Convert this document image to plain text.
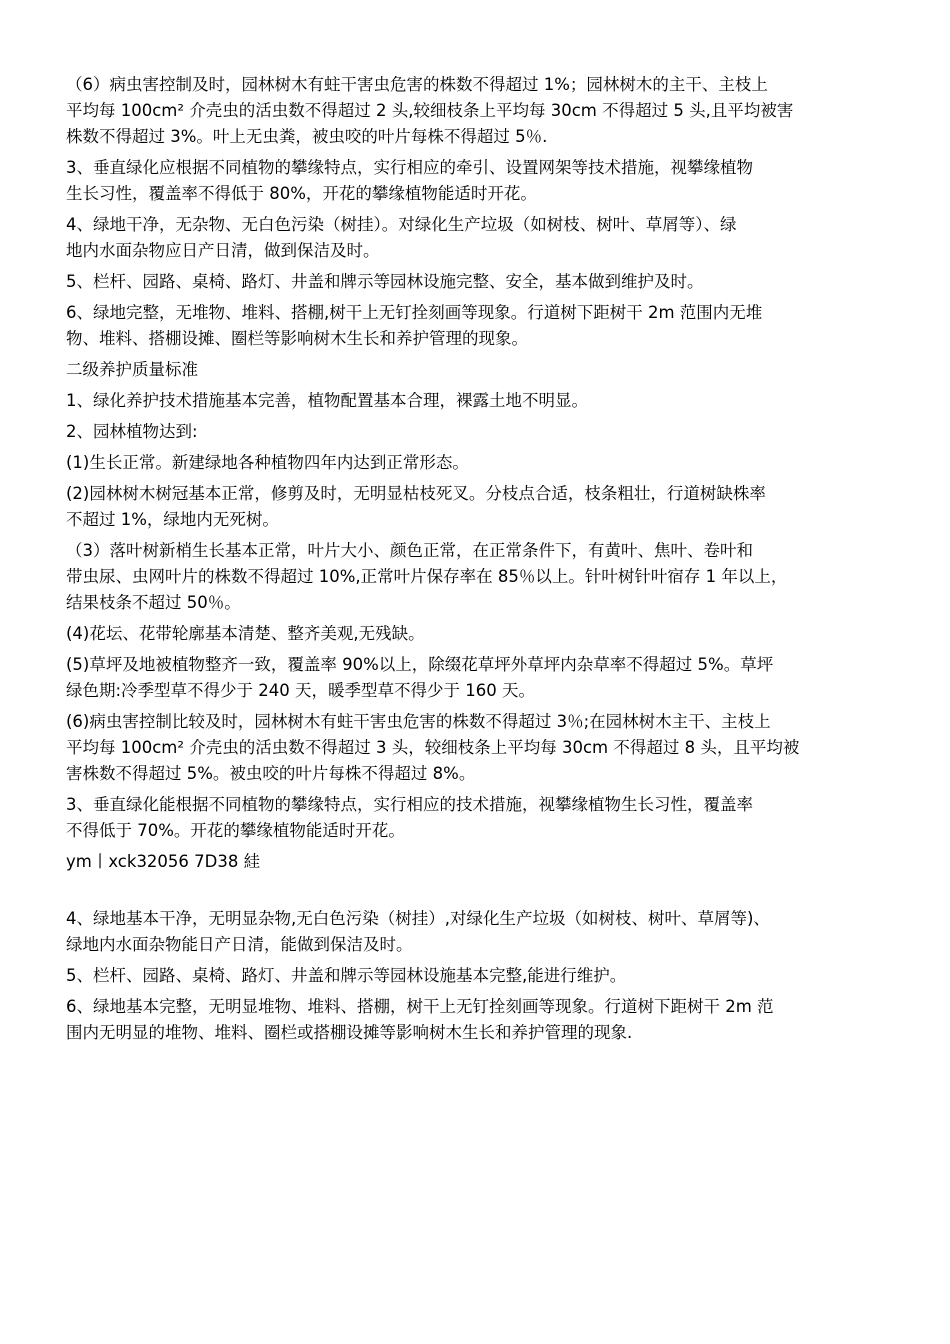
（6）病虫害控制及时，园林树木有蛀干害虫危害的株数不得超过 1%；园林树木的主干、主枝上
平均每 100cm² 介壳虫的活虫数不得超过 2 头,较细枝条上平均每 30cm 不得超过 5 头,且平均被害
株数不得超过 3%。叶上无虫粪，被虫咬的叶片每株不得超过 5％.

3、垂直绿化应根据不同植物的攀缘特点，实行相应的牵引、设置网架等技术措施，视攀缘植物
生长习性，覆盖率不得低于 80%，开花的攀缘植物能适时开花。

4、绿地干净，无杂物、无白色污染（树挂）。对绿化生产垃圾（如树枝、树叶、草屑等）、绿
地内水面杂物应日产日清，做到保洁及时。

5、栏杆、园路、桌椅、路灯、井盖和牌示等园林设施完整、安全，基本做到维护及时。

6、绿地完整，无堆物、堆料、搭棚,树干上无钉拴刻画等现象。行道树下距树干 2m 范围内无堆
物、堆料、搭棚设摊、圈栏等影响树木生长和养护管理的现象。

二级养护质量标准

1、绿化养护技术措施基本完善，植物配置基本合理，裸露土地不明显。

2、园林植物达到:

(1)生长正常。新建绿地各种植物四年内达到正常形态。

(2)园林树木树冠基本正常，修剪及时，无明显枯枝死叉。分枝点合适，枝条粗壮，行道树缺株率
不超过 1%，绿地内无死树。

（3）落叶树新梢生长基本正常，叶片大小、颜色正常，在正常条件下，有黄叶、焦叶、卷叶和
带虫尿、虫网叶片的株数不得超过 10%,正常叶片保存率在 85％以上。针叶树针叶宿存 1 年以上，
结果枝条不超过 50％。

(4)花坛、花带轮廓基本清楚、整齐美观,无残缺。

(5)草坪及地被植物整齐一致，覆盖率 90%以上，除缀花草坪外草坪内杂草率不得超过 5%。草坪
绿色期:冷季型草不得少于 240 天，暖季型草不得少于 160 天。

(6)病虫害控制比较及时，园林树木有蛀干害虫危害的株数不得超过 3％;在园林树木主干、主枝上
平均每 100cm² 介壳虫的活虫数不得超过 3 头，较细枝条上平均每 30cm 不得超过 8 头，且平均被
害株数不得超过 5%。被虫咬的叶片每株不得超过 8%。

3、垂直绿化能根据不同植物的攀缘特点，实行相应的技术措施，视攀缘植物生长习性，覆盖率
不得低于 70%。开花的攀缘植物能适时开花。

ym丨xck32056 7D38 絓

4、绿地基本干净，无明显杂物,无白色污染（树挂）,对绿化生产垃圾（如树枝、树叶、草屑等)、
绿地内水面杂物能日产日清，能做到保洁及时。

5、栏杆、园路、桌椅、路灯、井盖和牌示等园林设施基本完整,能进行维护。

6、绿地基本完整，无明显堆物、堆料、搭棚，树干上无钉拴刻画等现象。行道树下距树干 2m 范
围内无明显的堆物、堆料、圈栏或搭棚设摊等影响树木生长和养护管理的现象.
